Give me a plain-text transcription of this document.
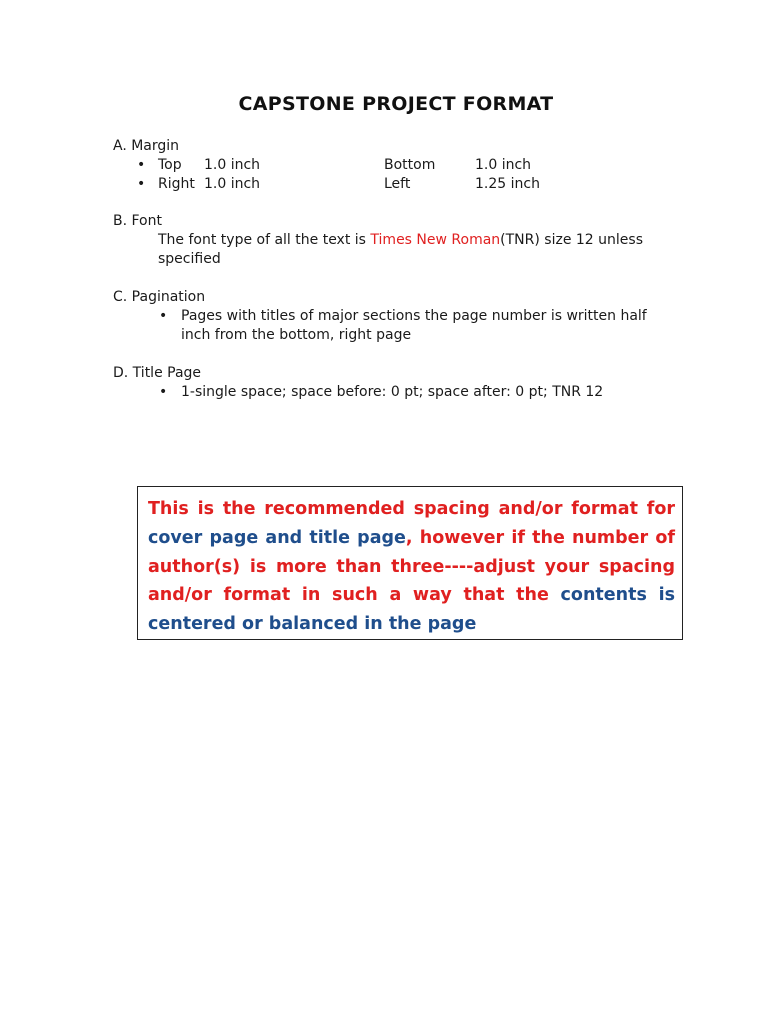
CAPSTONE PROJECT FORMAT
A. Margin
• Top 1.0 inch	Bottom	1.0 inch
• Right 1.0 inch	Left	1.25 inch
B. Font
The font type of all the text is Times New Roman(TNR) size 12 unless
specified
C. Pagination
• Pages with titles of major sections the page number is written half
inch from the bottom, right page
D. Title Page
• 1-single space; space before: 0 pt; space after: 0 pt; TNR 12

This is the recommended spacing and/or format for cover page and title page, however if the number of author(s) is more than three----adjust your spacing and/or format in such a way that the contents is centered or balanced in the page
